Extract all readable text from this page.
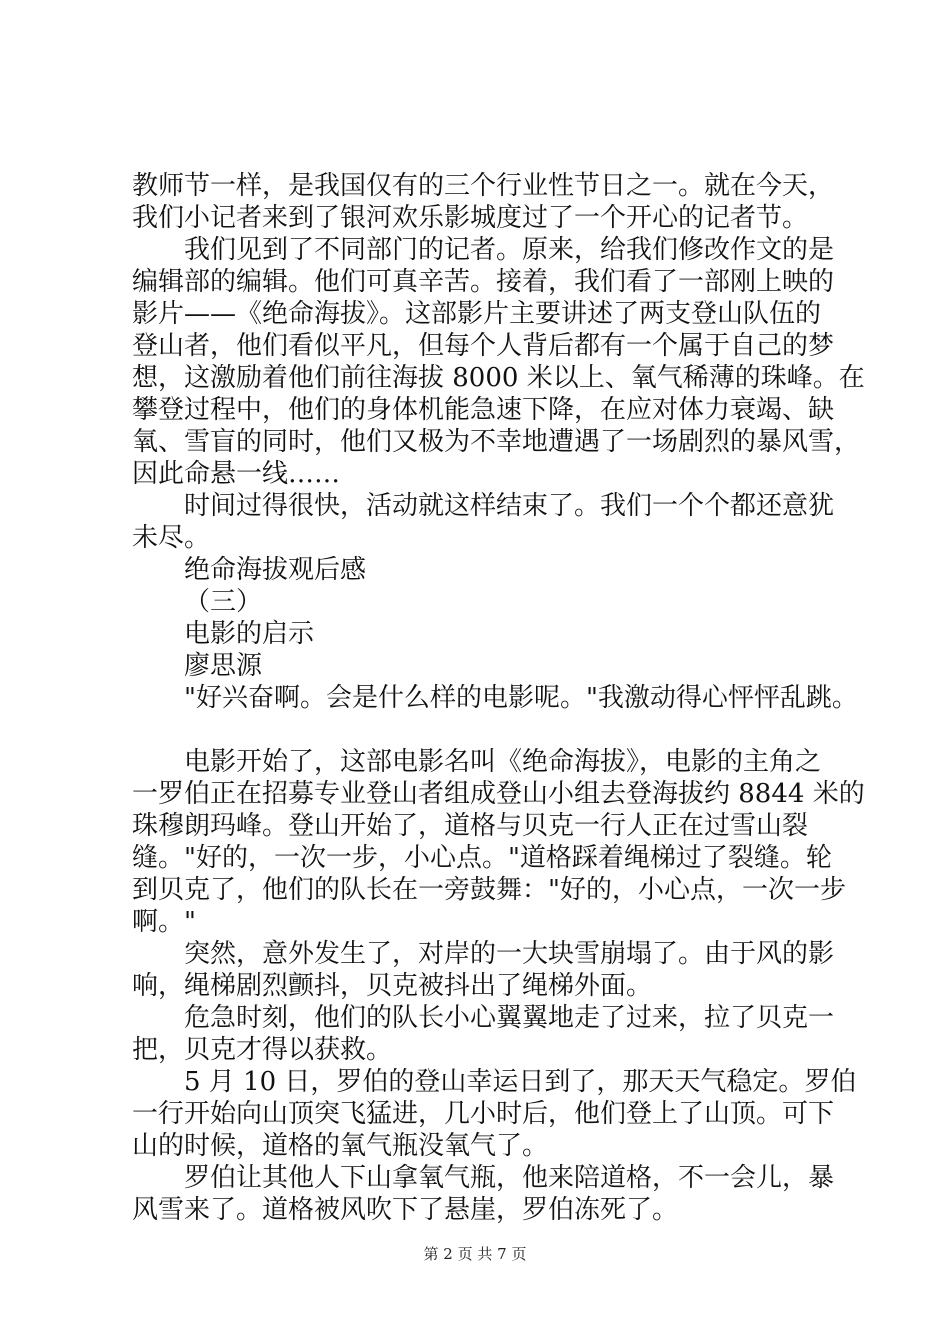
教师节一样，是我国仅有的三个行业性节日之一。就在今天，
我们小记者来到了银河欢乐影城度过了一个开心的记者节。
我们见到了不同部门的记者。原来，给我们修改作文的是
编辑部的编辑。他们可真辛苦。接着，我们看了一部刚上映的
影片——《绝命海拔》。这部影片主要讲述了两支登山队伍的
登山者，他们看似平凡，但每个人背后都有一个属于自己的梦
想，这激励着他们前往海拔 8000 米以上、氧气稀薄的珠峰。在
攀登过程中，他们的身体机能急速下降，在应对体力衰竭、缺
氧、雪盲的同时，他们又极为不幸地遭遇了一场剧烈的暴风雪，
因此命悬一线……
时间过得很快，活动就这样结束了。我们一个个都还意犹
未尽。
绝命海拔观后感
（三）
电影的启示
廖思源
"好兴奋啊。会是什么样的电影呢。"我激动得心怦怦乱跳。
电影开始了，这部电影名叫《绝命海拔》，电影的主角之
一罗伯正在招募专业登山者组成登山小组去登海拔约 8844 米的
珠穆朗玛峰。登山开始了，道格与贝克一行人正在过雪山裂
缝。"好的，一次一步，小心点。"道格踩着绳梯过了裂缝。轮
到贝克了，他们的队长在一旁鼓舞："好的，小心点，一次一步
啊。"
突然，意外发生了，对岸的一大块雪崩塌了。由于风的影
响，绳梯剧烈颤抖，贝克被抖出了绳梯外面。
危急时刻，他们的队长小心翼翼地走了过来，拉了贝克一
把，贝克才得以获救。
5 月 10 日，罗伯的登山幸运日到了，那天天气稳定。罗伯
一行开始向山顶突飞猛进，几小时后，他们登上了山顶。可下
山的时候，道格的氧气瓶没氧气了。
罗伯让其他人下山拿氧气瓶，他来陪道格，不一会儿，暴
风雪来了。道格被风吹下了悬崖，罗伯冻死了。
第 2 页 共 7 页
